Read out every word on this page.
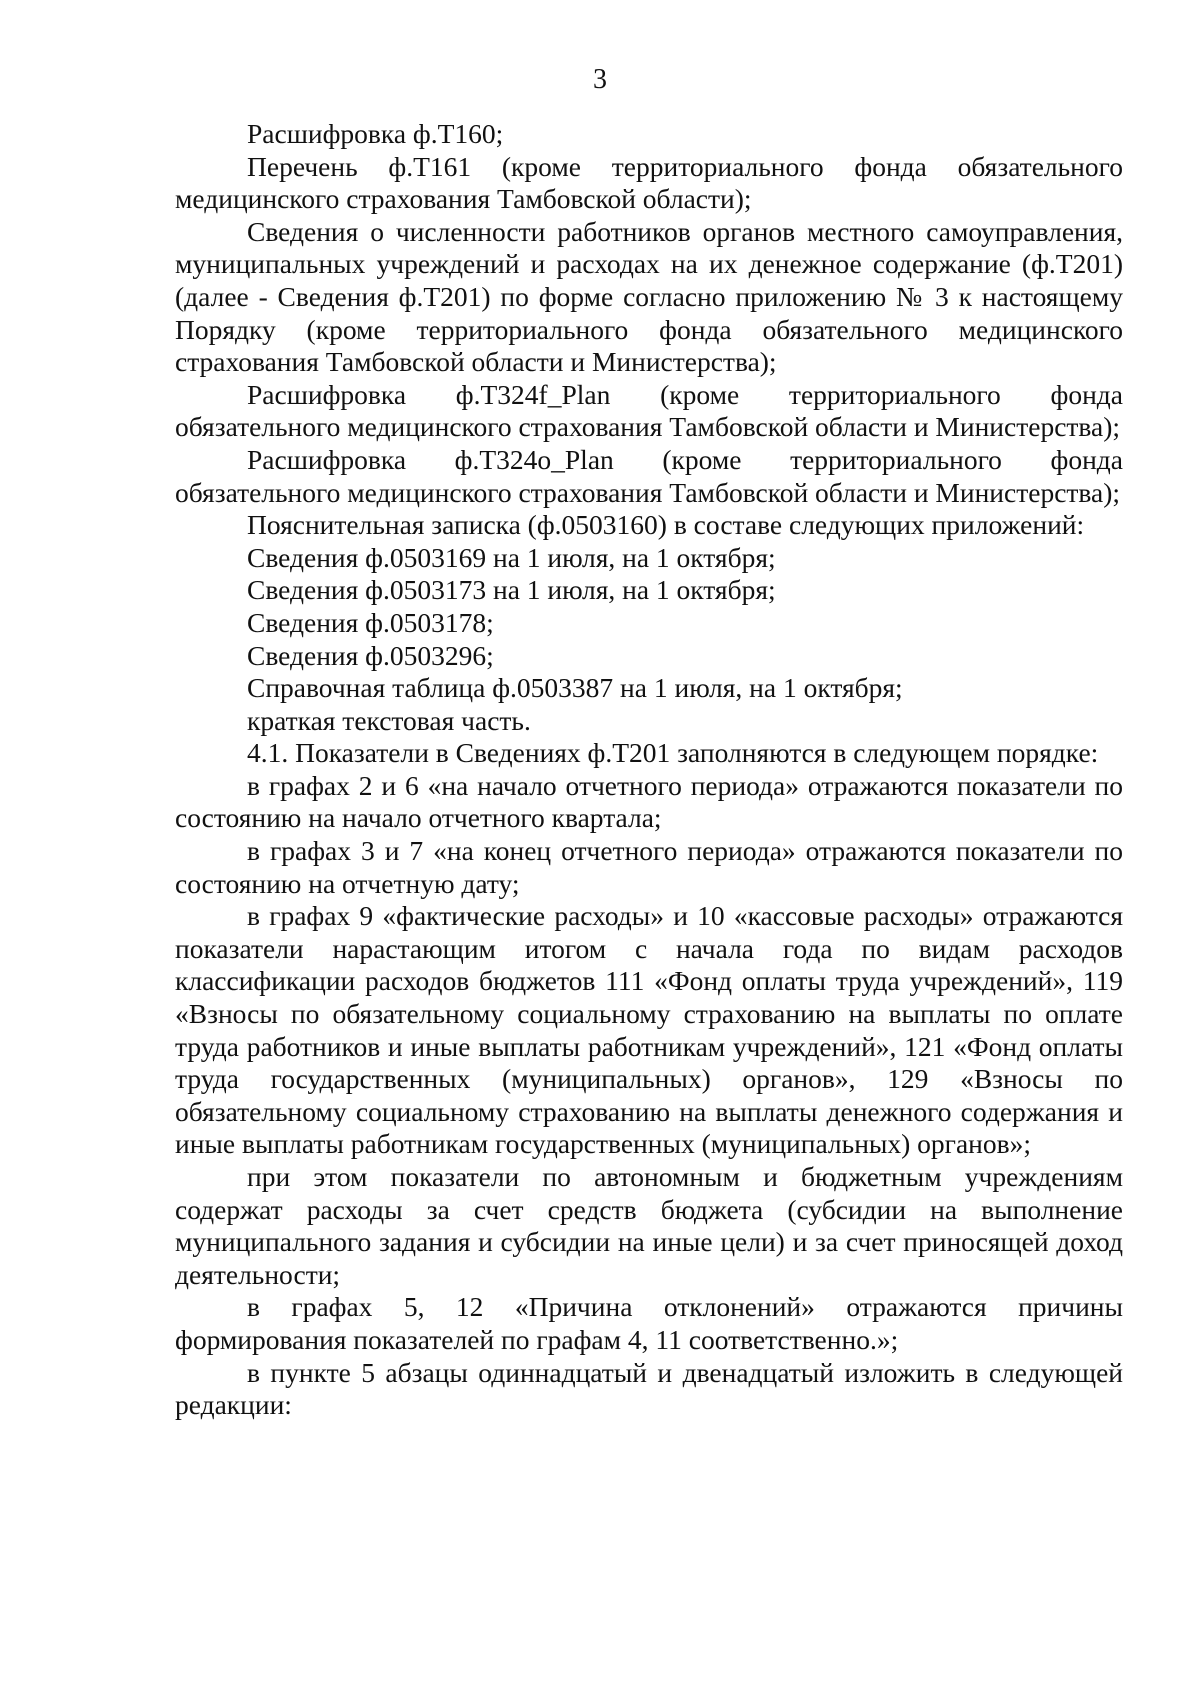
3

Расшифровка ф.Т160;

Перечень ф.Т161 (кроме территориального фонда обязательного медицинского страхования Тамбовской области);

Сведения о численности работников органов местного самоуправления, муниципальных учреждений и расходах на их денежное содержание (ф.Т201) (далее - Сведения ф.Т201) по форме согласно приложению № 3 к настоящему Порядку (кроме территориального фонда обязательного медицинского страхования Тамбовской области и Министерства);

Расшифровка ф.T324f_Plan (кроме территориального фонда обязательного медицинского страхования Тамбовской области и Министерства);

Расшифровка ф.T324o_Plan (кроме территориального фонда обязательного медицинского страхования Тамбовской области и Министерства);

Пояснительная записка (ф.0503160) в составе следующих приложений:

Сведения ф.0503169 на 1 июля, на 1 октября;

Сведения ф.0503173 на 1 июля, на 1 октября;

Сведения ф.0503178;

Сведения ф.0503296;

Справочная таблица ф.0503387 на 1 июля, на 1 октября;

краткая текстовая часть.

4.1. Показатели в Сведениях ф.Т201 заполняются в следующем порядке:

в графах 2 и 6 «на начало отчетного периода» отражаются показатели по состоянию на начало отчетного квартала;

в графах 3 и 7 «на конец отчетного периода» отражаются показатели по состоянию на отчетную дату;

в графах 9 «фактические расходы» и 10 «кассовые расходы» отражаются показатели нарастающим итогом с начала года по видам расходов классификации расходов бюджетов 111 «Фонд оплаты труда учреждений», 119 «Взносы по обязательному социальному страхованию на выплаты по оплате труда работников и иные выплаты работникам учреждений», 121 «Фонд оплаты труда государственных (муниципальных) органов», 129 «Взносы по обязательному социальному страхованию на выплаты денежного содержания и иные выплаты работникам государственных (муниципальных) органов»;

при этом показатели по автономным и бюджетным учреждениям содержат расходы за счет средств бюджета (субсидии на выполнение муниципального задания и субсидии на иные цели) и за счет приносящей доход деятельности;

в графах 5, 12 «Причина отклонений» отражаются причины формирования показателей по графам 4, 11 соответственно.»;

в пункте 5 абзацы одиннадцатый и двенадцатый изложить в следующей редакции:
